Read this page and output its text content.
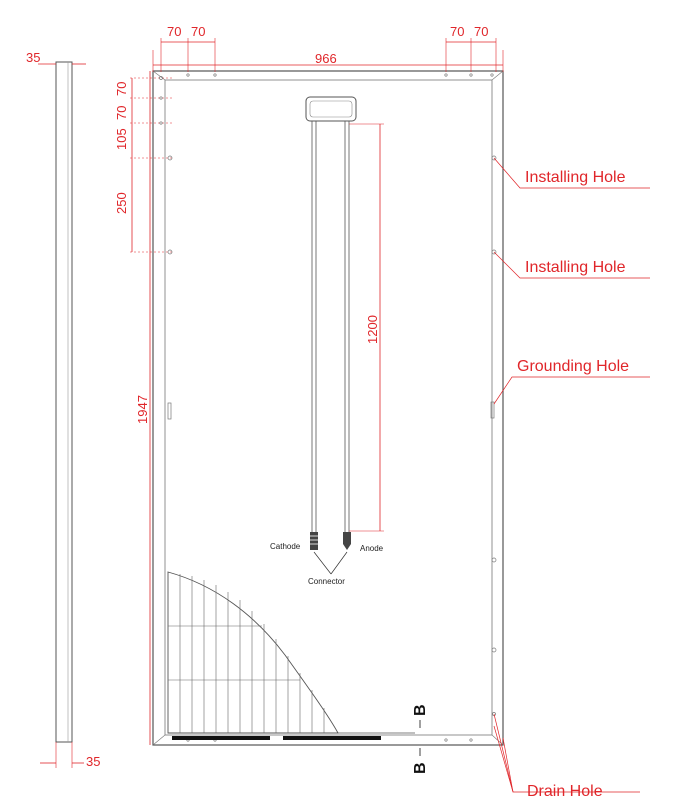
35
35
70 70	70 70
966
70
70
105
250
1947
Cathode	Anode
Connector
1200
B
B
Installing Hole
Installing Hole
Grounding Hole
Drain Hole
